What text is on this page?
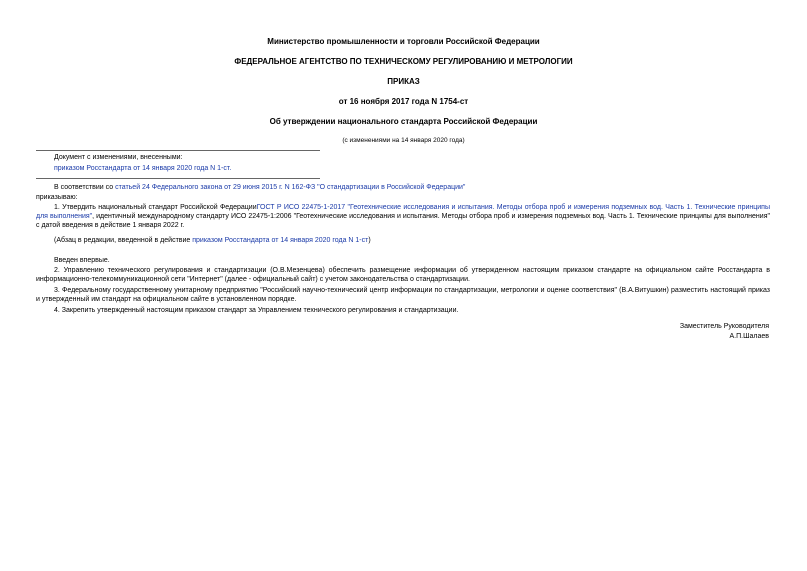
Министерство промышленности и торговли Российской Федерации
ФЕДЕРАЛЬНОЕ АГЕНТСТВО ПО ТЕХНИЧЕСКОМУ РЕГУЛИРОВАНИЮ И МЕТРОЛОГИИ
ПРИКАЗ
от 16 ноября 2017 года N 1754-ст
Об утверждении национального стандарта Российской Федерации
(с изменениями на 14 января 2020 года)
Документ с изменениями, внесенными:
приказом Росстандарта от 14 января 2020 года N 1-ст.
В соответствии со статьей 24 Федерального закона от 29 июня 2015 г. N 162-ФЗ "О стандартизации в Российской Федерации"
приказываю:
1. Утвердить национальный стандарт Российской ФедерацииГОСТ Р ИСО 22475-1-2017 "Геотехнические исследования и испытания. Методы отбора проб и измерения подземных вод. Часть 1. Технические принципы для выполнения", идентичный международному стандарту ИСО 22475-1:2006 "Геотехнические исследования и испытания. Методы отбора проб и измерения подземных вод. Часть 1. Технические принципы для выполнения" с датой введения в действие 1 января 2022 г.
(Абзац в редакции, введенной в действие приказом Росстандарта от 14 января 2020 года N 1-ст)
Введен впервые.
2. Управлению технического регулирования и стандартизации (О.В.Мезенцева) обеспечить размещение информации об утвержденном настоящим приказом стандарте на официальном сайте Росстандарта в информационно-телекоммуникационной сети "Интернет" (далее - официальный сайт) с учетом законодательства о стандартизации.
3. Федеральному государственному унитарному предприятию "Российский научно-технический центр информации по стандартизации, метрологии и оценке соответствия" (В.А.Витушкин) разместить настоящий приказ и утвержденный им стандарт на официальном сайте в установленном порядке.
4. Закрепить утвержденный настоящим приказом стандарт за Управлением технического регулирования и стандартизации.
Заместитель Руководителя
А.П.Шалаев
